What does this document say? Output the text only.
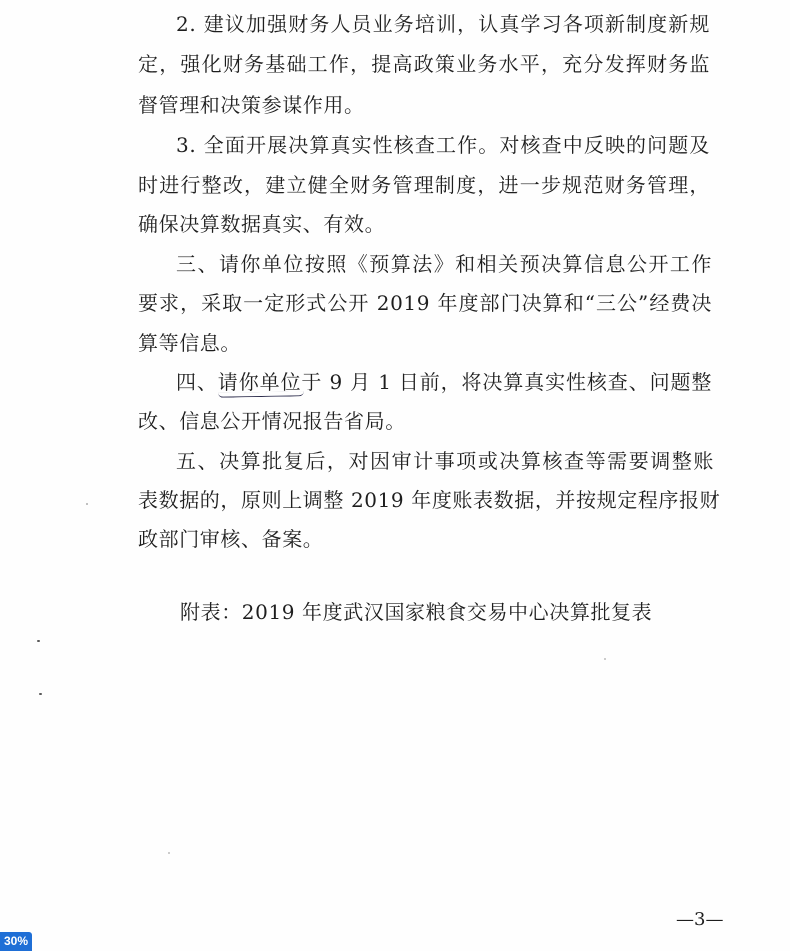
2. 建议加强财务人员业务培训，认真学习各项新制度新规
定，强化财务基础工作，提高政策业务水平，充分发挥财务监
督管理和决策参谋作用。
3. 全面开展决算真实性核查工作。对核查中反映的问题及
时进行整改，建立健全财务管理制度，进一步规范财务管理，
确保决算数据真实、有效。
三、请你单位按照《预算法》和相关预决算信息公开工作
要求，采取一定形式公开 2019 年度部门决算和“三公”经费决
算等信息。
四、请你单位于 9 月 1 日前，将决算真实性核查、问题整
改、信息公开情况报告省局。
五、决算批复后，对因审计事项或决算核查等需要调整账
表数据的，原则上调整 2019 年度账表数据，并按规定程序报财
政部门审核、备案。
附表：2019 年度武汉国家粮食交易中心决算批复表
—3—
30%
